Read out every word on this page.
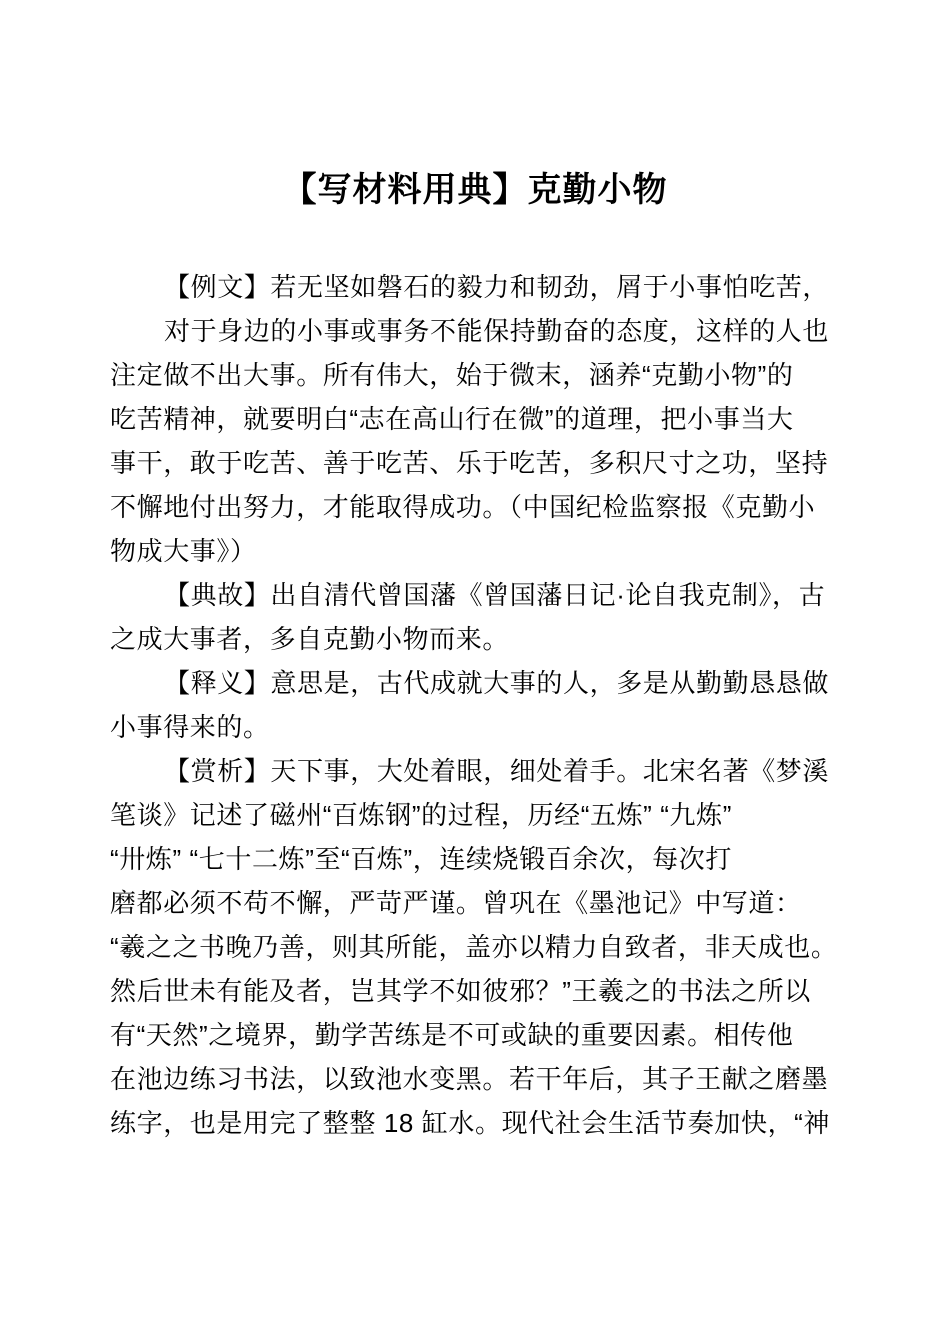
【写材料用典】克勤小物
【例文】若无坚如磐石的毅力和韧劲，屑于小事怕吃苦，
对于身边的小事或事务不能保持勤奋的态度，这样的人也
注定做不出大事。所有伟大，始于微末，涵养“克勤小物”的
吃苦精神，就要明白“志在高山行在微”的道理，把小事当大
事干，敢于吃苦、善于吃苦、乐于吃苦，多积尺寸之功，坚持
不懈地付出努力，才能取得成功。（中国纪检监察报《克勤小
物成大事》）
【典故】出自清代曾国藩《曾国藩日记·论自我克制》，古
之成大事者，多自克勤小物而来。
【释义】意思是，古代成就大事的人，多是从勤勤恳恳做
小事得来的。
【赏析】天下事，大处着眼，细处着手。北宋名著《梦溪
笔谈》记述了磁州“百炼钢”的过程，历经“五炼” “九炼”
“卅炼” “七十二炼”至“百炼”，连续烧锻百余次，每次打
磨都必须不苟不懈，严苛严谨。曾巩在《墨池记》中写道：
“羲之之书晚乃善，则其所能，盖亦以精力自致者，非天成也。
然后世未有能及者，岂其学不如彼邪？”王羲之的书法之所以
有“天然”之境界，勤学苦练是不可或缺的重要因素。相传他
在池边练习书法，以致池水变黑。若干年后，其子王献之磨墨
练字，也是用完了整整 18 缸水。现代社会生活节奏加快，“神
